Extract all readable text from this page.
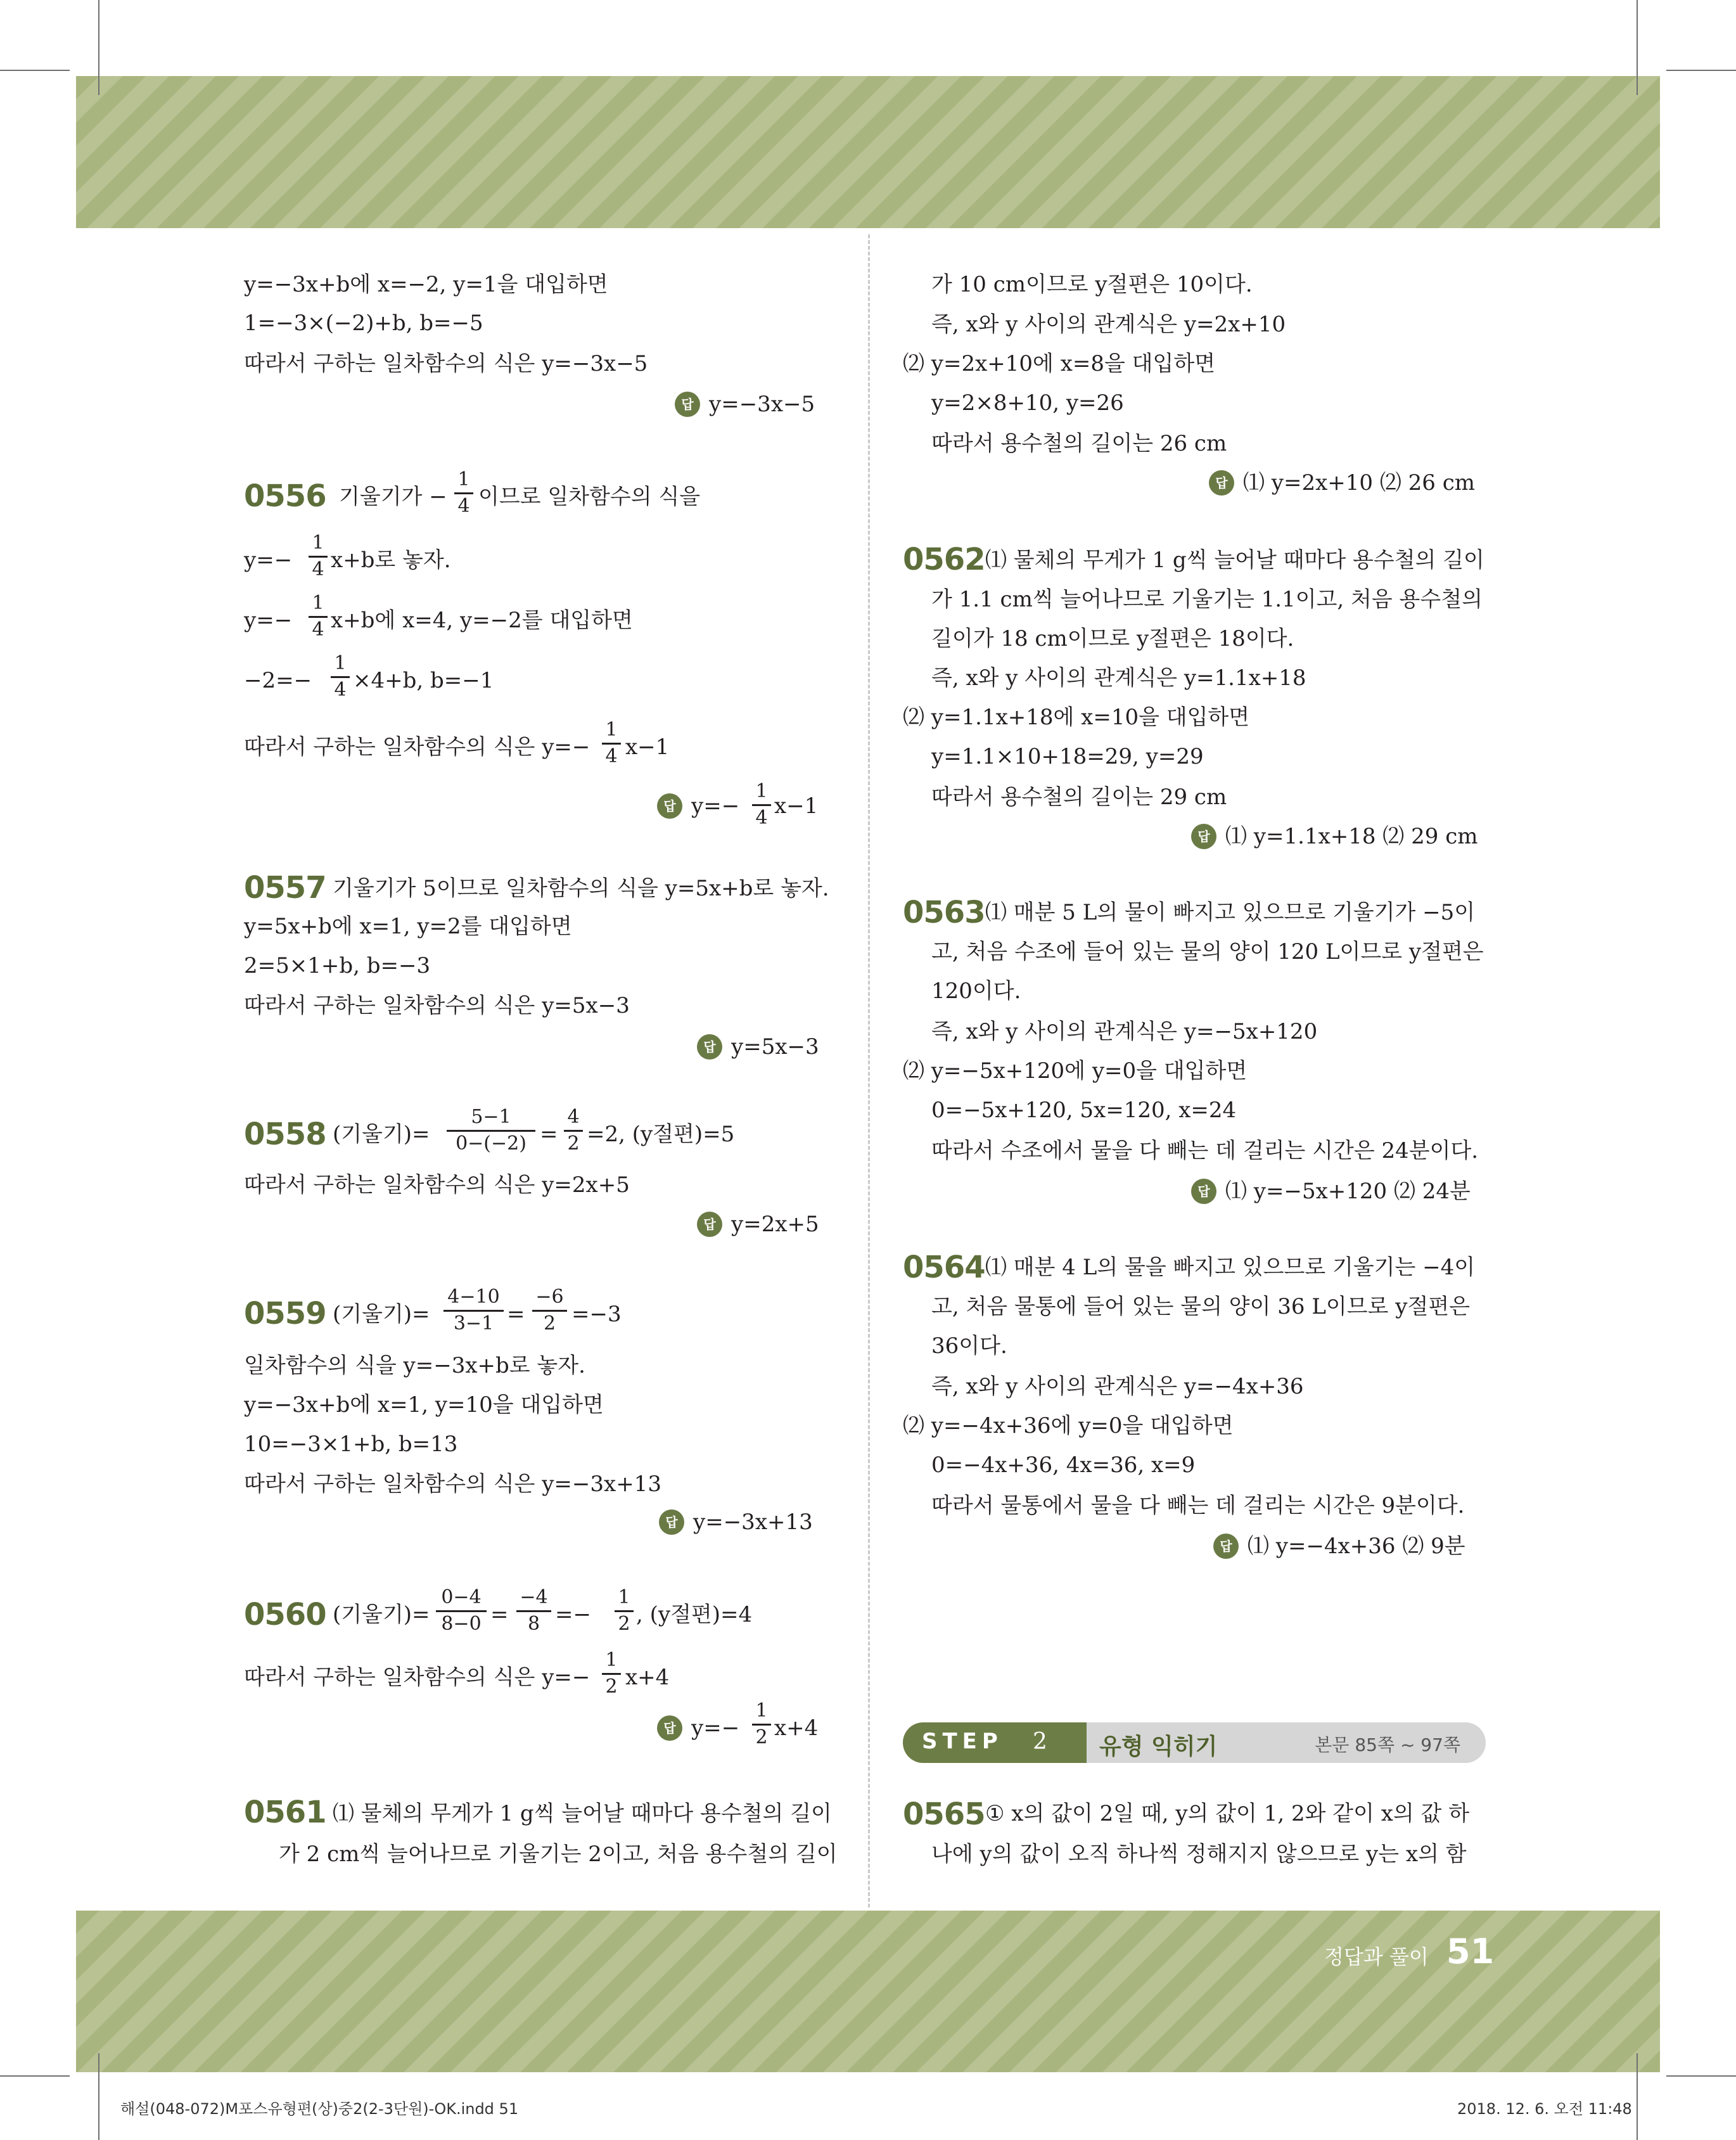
y=−3x+b에 x=−2, y=1을 대입하면
1=−3×(−2)+b, b=−5
따라서 구하는 일차함수의 식은 y=−3x−5
답 y=−3x−5
0556 기울기가 −
1
4 이므로 일차함수의 식을
y=−
1
4 x+b로 놓자.
y=−
1
4 x+b에 x=4, y=−2를 대입하면
−2=−
1
4 ×4+b, b=−1
따라서 구하는 일차함수의 식은 y=−
1
4 x−1
답 y=−
1
4 x−1
0557 기울기가 5이므로 일차함수의 식을 y=5x+b로 놓자.
y=5x+b에 x=1, y=2를 대입하면
2=5×1+b, b=−3
따라서 구하는 일차함수의 식은 y=5x−3
답 y=5x−3
0558 (기울기)=
5−1
0−(−2) =
4
2 =2, (y절편)=5
따라서 구하는 일차함수의 식은 y=2x+5
답 y=2x+5
0559 (기울기)=
4−10
3−1 =
−6
2 =−3
일차함수의 식을 y=−3x+b로 놓자.
y=−3x+b에 x=1, y=10을 대입하면
10=−3×1+b, b=13
따라서 구하는 일차함수의 식은 y=−3x+13
답 y=−3x+13
0560 (기울기)=
0−4
8−0 =
−4
8 =−
1
2 , (y절편)=4
따라서 구하는 일차함수의 식은 y=−
1
2 x+4
답 y=−
1
2 x+4
0561 ⑴ 물체의 무게가 1 g씩 늘어날 때마다 용수철의 길이
가 2 cm씩 늘어나므로 기울기는 2이고, 처음 용수철의 길이
가 10 cm이므로 y절편은 10이다.
즉, x와 y 사이의 관계식은 y=2x+10
⑵ y=2x+10에 x=8을 대입하면
y=2×8+10, y=26
따라서 용수철의 길이는 26 cm
답 ⑴ y=2x+10 ⑵ 26 cm
0562 ⑴ 물체의 무게가 1 g씩 늘어날 때마다 용수철의 길이
가 1.1 cm씩 늘어나므로 기울기는 1.1이고, 처음 용수철의
길이가 18 cm이므로 y절편은 18이다.
즉, x와 y 사이의 관계식은 y=1.1x+18
⑵ y=1.1x+18에 x=10을 대입하면
y=1.1×10+18=29, y=29
따라서 용수철의 길이는 29 cm
답 ⑴ y=1.1x+18 ⑵ 29 cm
0563 ⑴ 매분 5 L의 물이 빠지고 있으므로 기울기가 −5이
고, 처음 수조에 들어 있는 물의 양이 120 L이므로 y절편은
120이다.
즉, x와 y 사이의 관계식은 y=−5x+120
⑵ y=−5x+120에 y=0을 대입하면
0=−5x+120, 5x=120, x=24
따라서 수조에서 물을 다 빼는 데 걸리는 시간은 24분이다.
답 ⑴ y=−5x+120 ⑵ 24분
0564 ⑴ 매분 4 L의 물을 빠지고 있으므로 기울기는 −4이
고, 처음 물통에 들어 있는 물의 양이 36 L이므로 y절편은
36이다.
즉, x와 y 사이의 관계식은 y=−4x+36
⑵ y=−4x+36에 y=0을 대입하면
0=−4x+36, 4x=36, x=9
따라서 물통에서 물을 다 빼는 데 걸리는 시간은 9분이다.
답 ⑴ y=−4x+36 ⑵ 9분
STEP 2 유형 익히기	본문 85쪽 ~ 97쪽
0565 ① x의 값이 2일 때, y의 값이 1, 2와 같이 x의 값 하
나에 y의 값이 오직 하나씩 정해지지 않으므로 y는 x의 함
정답과 풀이 51
해설(048-072)M포스유형편(상)중2(2-3단원)-OK.indd 51	2018. 12. 6. 오전 11:48
